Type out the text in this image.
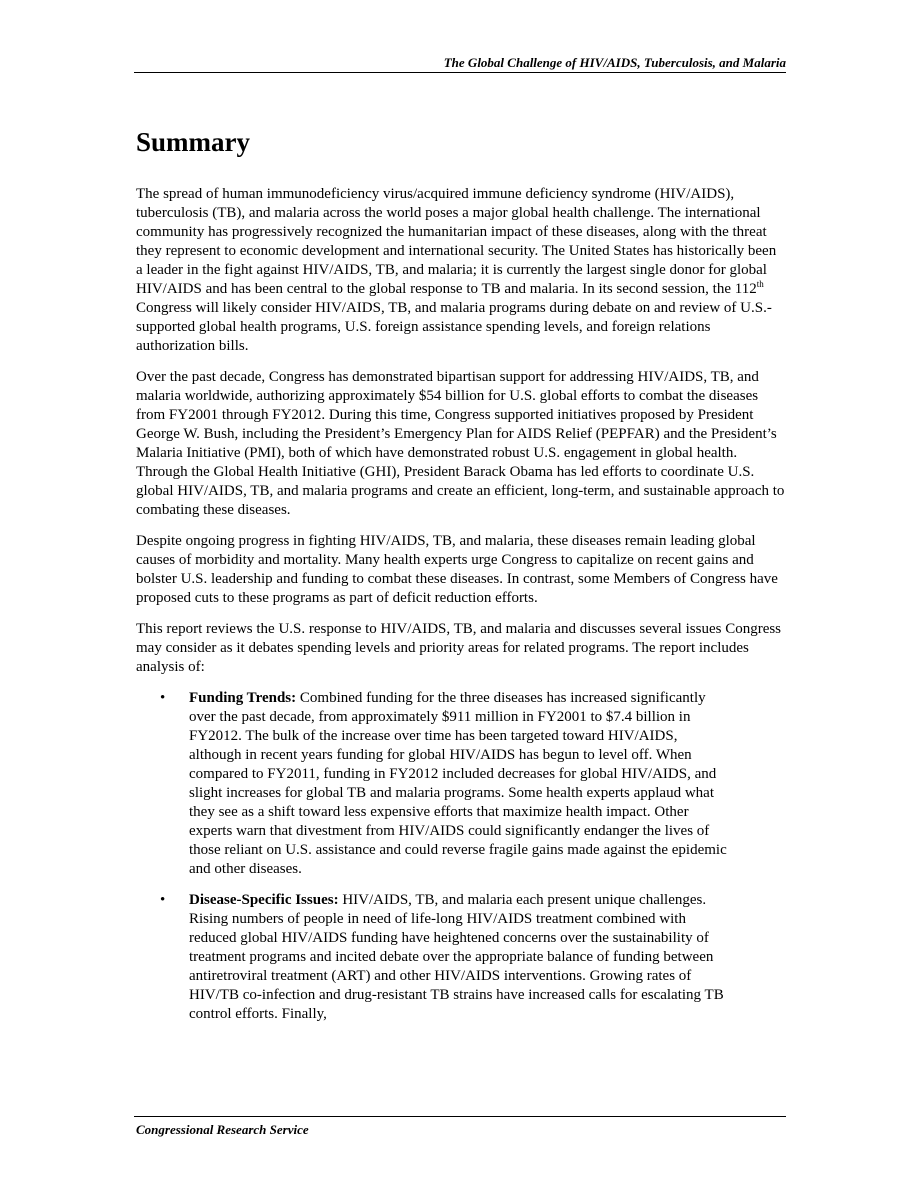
The Global Challenge of HIV/AIDS, Tuberculosis, and Malaria
Summary

The spread of human immunodeficiency virus/acquired immune deficiency syndrome (HIV/AIDS), tuberculosis (TB), and malaria across the world poses a major global health challenge. The international community has progressively recognized the humanitarian impact of these diseases, along with the threat they represent to economic development and international security. The United States has historically been a leader in the fight against HIV/AIDS, TB, and malaria; it is currently the largest single donor for global HIV/AIDS and has been central to the global response to TB and malaria. In its second session, the 112th Congress will likely consider HIV/AIDS, TB, and malaria programs during debate on and review of U.S.-supported global health programs, U.S. foreign assistance spending levels, and foreign relations authorization bills.

Over the past decade, Congress has demonstrated bipartisan support for addressing HIV/AIDS, TB, and malaria worldwide, authorizing approximately $54 billion for U.S. global efforts to combat the diseases from FY2001 through FY2012. During this time, Congress supported initiatives proposed by President George W. Bush, including the President’s Emergency Plan for AIDS Relief (PEPFAR) and the President’s Malaria Initiative (PMI), both of which have demonstrated robust U.S. engagement in global health. Through the Global Health Initiative (GHI), President Barack Obama has led efforts to coordinate U.S. global HIV/AIDS, TB, and malaria programs and create an efficient, long-term, and sustainable approach to combating these diseases.

Despite ongoing progress in fighting HIV/AIDS, TB, and malaria, these diseases remain leading global causes of morbidity and mortality. Many health experts urge Congress to capitalize on recent gains and bolster U.S. leadership and funding to combat these diseases. In contrast, some Members of Congress have proposed cuts to these programs as part of deficit reduction efforts.

This report reviews the U.S. response to HIV/AIDS, TB, and malaria and discusses several issues Congress may consider as it debates spending levels and priority areas for related programs. The report includes analysis of:

• Funding Trends: Combined funding for the three diseases has increased significantly over the past decade, from approximately $911 million in FY2001 to $7.4 billion in FY2012. The bulk of the increase over time has been targeted toward HIV/AIDS, although in recent years funding for global HIV/AIDS has begun to level off. When compared to FY2011, funding in FY2012 included decreases for global HIV/AIDS, and slight increases for global TB and malaria programs. Some health experts applaud what they see as a shift toward less expensive efforts that maximize health impact. Other experts warn that divestment from HIV/AIDS could significantly endanger the lives of those reliant on U.S. assistance and could reverse fragile gains made against the epidemic and other diseases.
• Disease-Specific Issues: HIV/AIDS, TB, and malaria each present unique challenges. Rising numbers of people in need of life-long HIV/AIDS treatment combined with reduced global HIV/AIDS funding have heightened concerns over the sustainability of treatment programs and incited debate over the appropriate balance of funding between antiretroviral treatment (ART) and other HIV/AIDS interventions. Growing rates of HIV/TB co-infection and drug-resistant TB strains have increased calls for escalating TB control efforts. Finally,
Congressional Research Service
